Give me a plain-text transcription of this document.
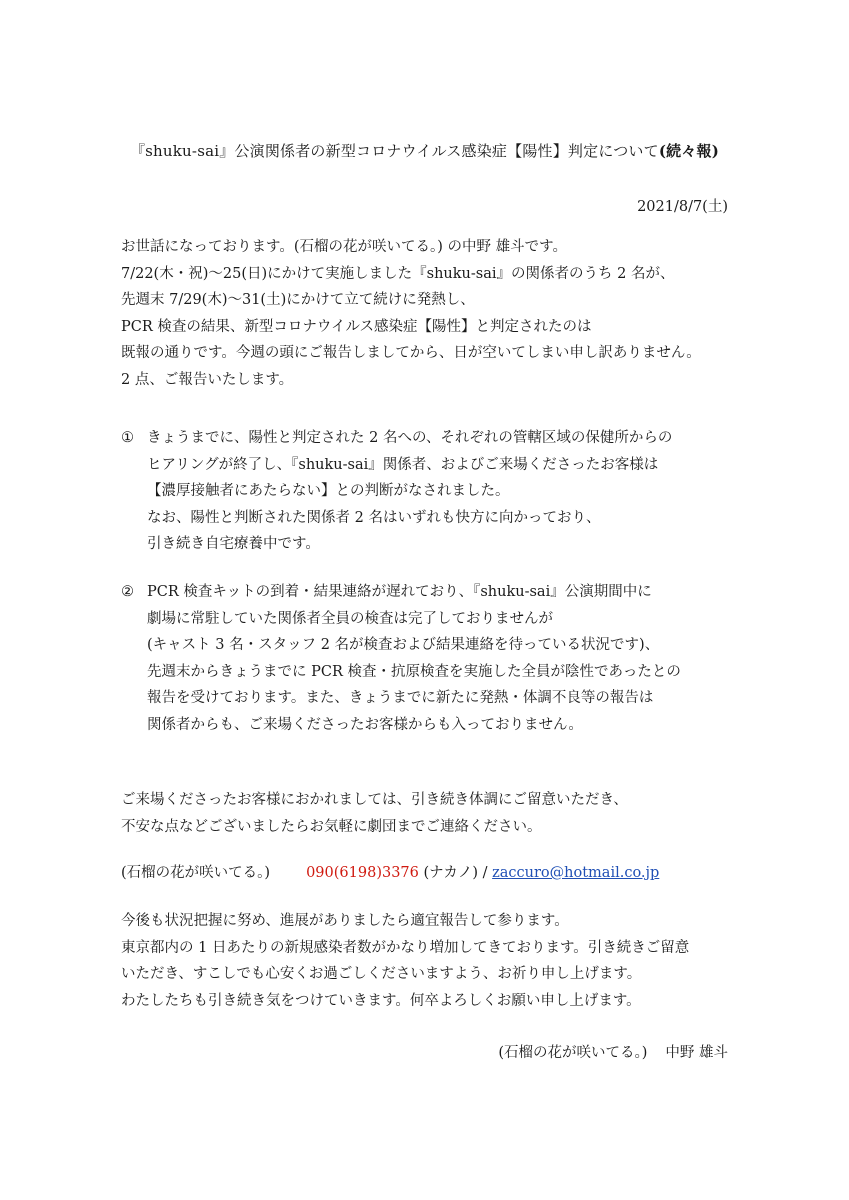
『shuku-sai』公演関係者の新型コロナウイルス感染症【陽性】判定について(続々報)
2021/8/7(土)
お世話になっております。(石榴の花が咲いてる。) の中野 雄斗です。
7/22(木・祝)〜25(日)にかけて実施しました『shuku-sai』の関係者のうち 2 名が、
先週末 7/29(木)〜31(土)にかけて立て続けに発熱し、
PCR 検査の結果、新型コロナウイルス感染症【陽性】と判定されたのは
既報の通りです。今週の頭にご報告しましてから、日が空いてしまい申し訳ありません。
2 点、ご報告いたします。
① きょうまでに、陽性と判定された 2 名への、それぞれの管轄区域の保健所からの
ヒアリングが終了し、『shuku-sai』関係者、およびご来場くださったお客様は
【濃厚接触者にあたらない】との判断がなされました。
なお、陽性と判断された関係者 2 名はいずれも快方に向かっており、
引き続き自宅療養中です。
② PCR 検査キットの到着・結果連絡が遅れており、『shuku-sai』公演期間中に
劇場に常駐していた関係者全員の検査は完了しておりませんが
(キャスト 3 名・スタッフ 2 名が検査および結果連絡を待っている状況です)、
先週末からきょうまでに PCR 検査・抗原検査を実施した全員が陰性であったとの
報告を受けております。また、きょうまでに新たに発熱・体調不良等の報告は
関係者からも、ご来場くださったお客様からも入っておりません。
ご来場くださったお客様におかれましては、引き続き体調にご留意いただき、
不安な点などございましたらお気軽に劇団までご連絡ください。
(石榴の花が咲いてる。) 090(6198)3376 (ナカノ) / zaccuro@hotmail.co.jp
今後も状況把握に努め、進展がありましたら適宜報告して参ります。
東京都内の 1 日あたりの新規感染者数がかなり増加してきております。引き続きご留意
いただき、すこしでも心安くお過ごしくださいますよう、お祈り申し上げます。
わたしたちも引き続き気をつけていきます。何卒よろしくお願い申し上げます。
(石榴の花が咲いてる。) 中野 雄斗
